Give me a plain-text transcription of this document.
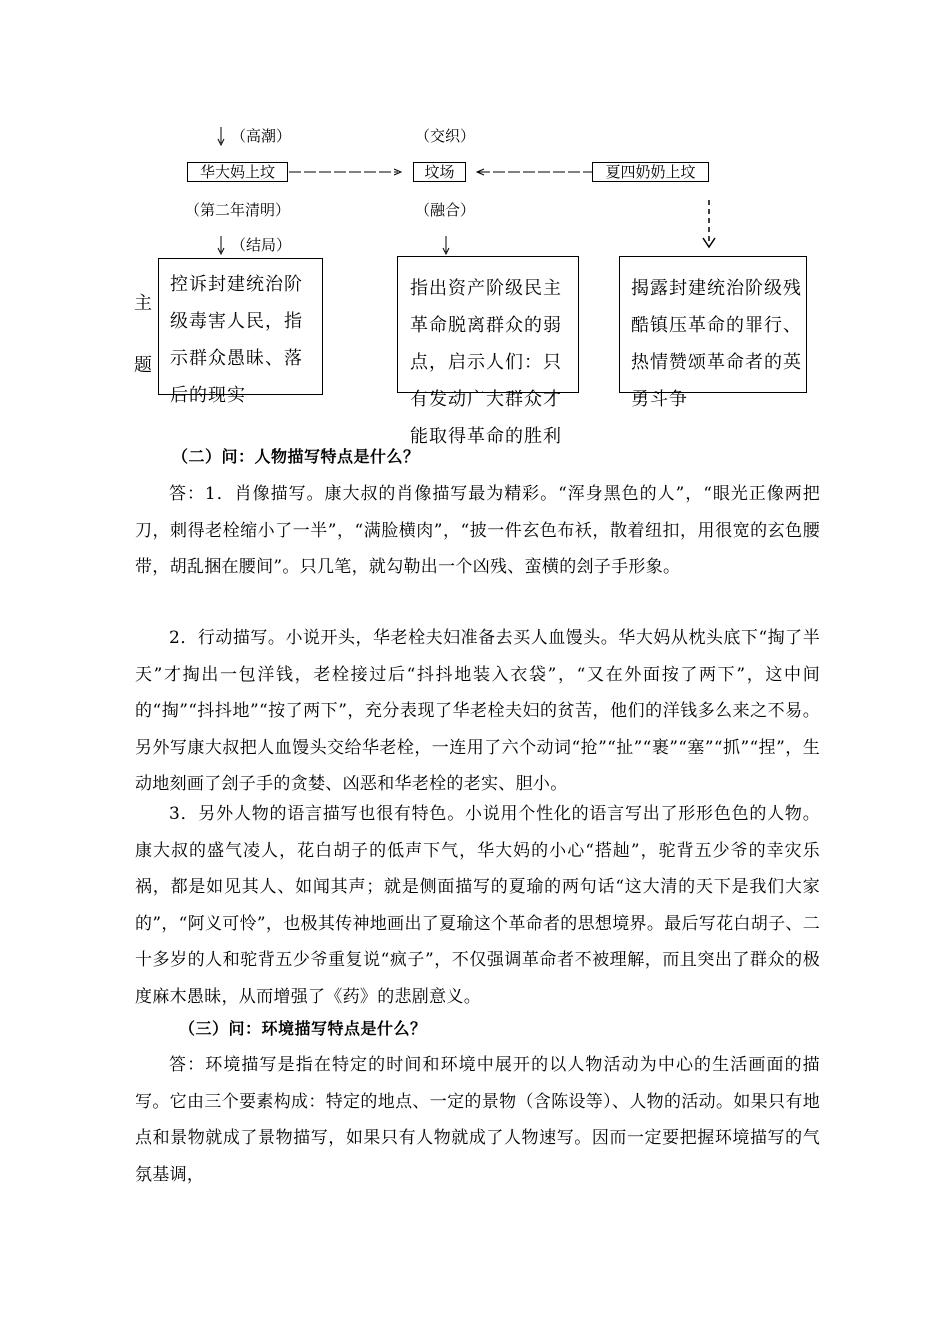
（高潮）	（交织）
华大妈上坟	坟场	夏四奶奶上坟
（第二年清明）	（融合）
（结局）
主
题
控诉封建统治阶级毒害人民，指示群众愚昧、落后的现实
指出资产阶级民主革命脱离群众的弱点，启示人们：只有发动广大群众才能取得革命的胜利
揭露封建统治阶级残酷镇压革命的罪行、热情赞颂革命者的英勇斗争
（二）问：人物描写特点是什么？
答：1．肖像描写。康大叔的肖像描写最为精彩。“浑身黑色的人”，“眼光正像两把刀，刺得老栓缩小了一半”，“满脸横肉”，“披一件玄色布袄，散着纽扣，用很宽的玄色腰带，胡乱捆在腰间”。只几笔，就勾勒出一个凶残、蛮横的刽子手形象。
2．行动描写。小说开头，华老栓夫妇准备去买人血馒头。华大妈从枕头底下“掏了半天”才掏出一包洋钱，老栓接过后“抖抖地装入衣袋”，“又在外面按了两下”，这中间的“掏”“抖抖地”“按了两下”，充分表现了华老栓夫妇的贫苦，他们的洋钱多么来之不易。另外写康大叔把人血馒头交给华老栓，一连用了六个动词“抢”“扯”“裹”“塞”“抓”“捏”，生动地刻画了刽子手的贪婪、凶恶和华老栓的老实、胆小。
3．另外人物的语言描写也很有特色。小说用个性化的语言写出了形形色色的人物。康大叔的盛气凌人，花白胡子的低声下气，华大妈的小心“搭赸”，驼背五少爷的幸灾乐祸，都是如见其人、如闻其声；就是侧面描写的夏瑜的两句话“这大清的天下是我们大家的”，“阿义可怜”，也极其传神地画出了夏瑜这个革命者的思想境界。最后写花白胡子、二十多岁的人和驼背五少爷重复说“疯子”，不仅强调革命者不被理解，而且突出了群众的极度麻木愚昧，从而增强了《药》的悲剧意义。
（三）问：环境描写特点是什么？
答：环境描写是指在特定的时间和环境中展开的以人物活动为中心的生活画面的描写。它由三个要素构成：特定的地点、一定的景物（含陈设等）、人物的活动。如果只有地点和景物就成了景物描写，如果只有人物就成了人物速写。因而一定要把握环境描写的气氛基调，
